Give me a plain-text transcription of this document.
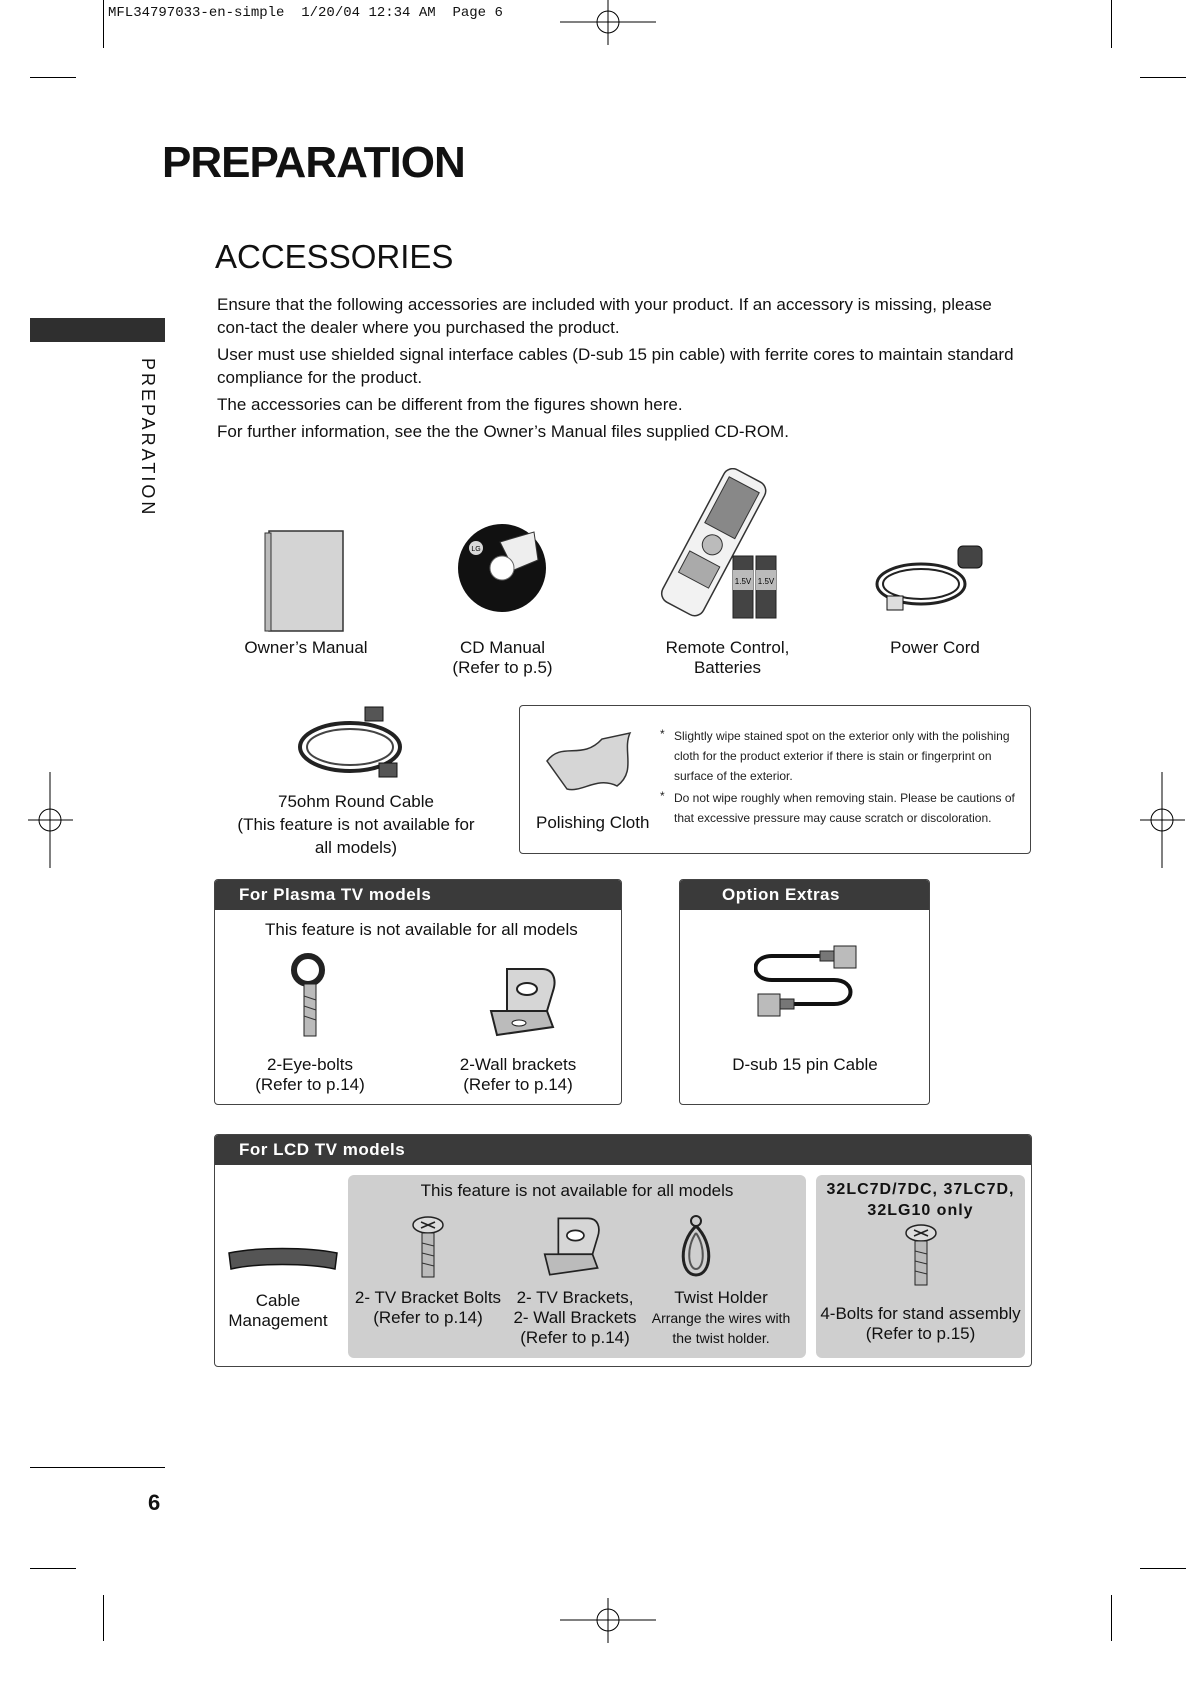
MFL34797033-en-simple  1/20/04 12:34 AM  Page 6
PREPARATION
PREPARATION
ACCESSORIES

Ensure that the following accessories are included with your product. If an accessory is missing, please con-tact the dealer where you purchased the product.

User must use shielded signal interface cables (D-sub 15 pin cable) with ferrite cores to maintain standard compliance for the product.

The accessories can be different from the figures shown here.

For further information, see the the Owner’s Manual files supplied CD-ROM.

Owner’s Manual
LG
CD Manual
(Refer to p.5)
1.5V 1.5V
Remote Control,
Batteries
Power Cord
75ohm Round Cable
(This feature is not available for
all models)
Polishing Cloth
* Slightly wipe stained spot on the exterior only with the polishing cloth for the product exterior if there is stain or fingerprint on surface of the exterior.
* Do not wipe roughly when removing stain. Please be cautions of that excessive pressure may cause scratch or discoloration.
For Plasma TV models
This feature is not available for all models
2-Eye-bolts
(Refer to p.14)
2-Wall brackets
(Refer to p.14)
Option Extras
D-sub 15 pin Cable
For LCD TV models
Cable
Management
This feature is not available for all models
2- TV Bracket Bolts
(Refer to p.14)
2- TV Brackets,
2- Wall Brackets
(Refer to p.14)
Twist Holder
Arrange the wires with
the twist holder.
32LC7D/7DC, 37LC7D,
32LG10 only
4-Bolts for stand assembly
(Refer to p.15)
6
